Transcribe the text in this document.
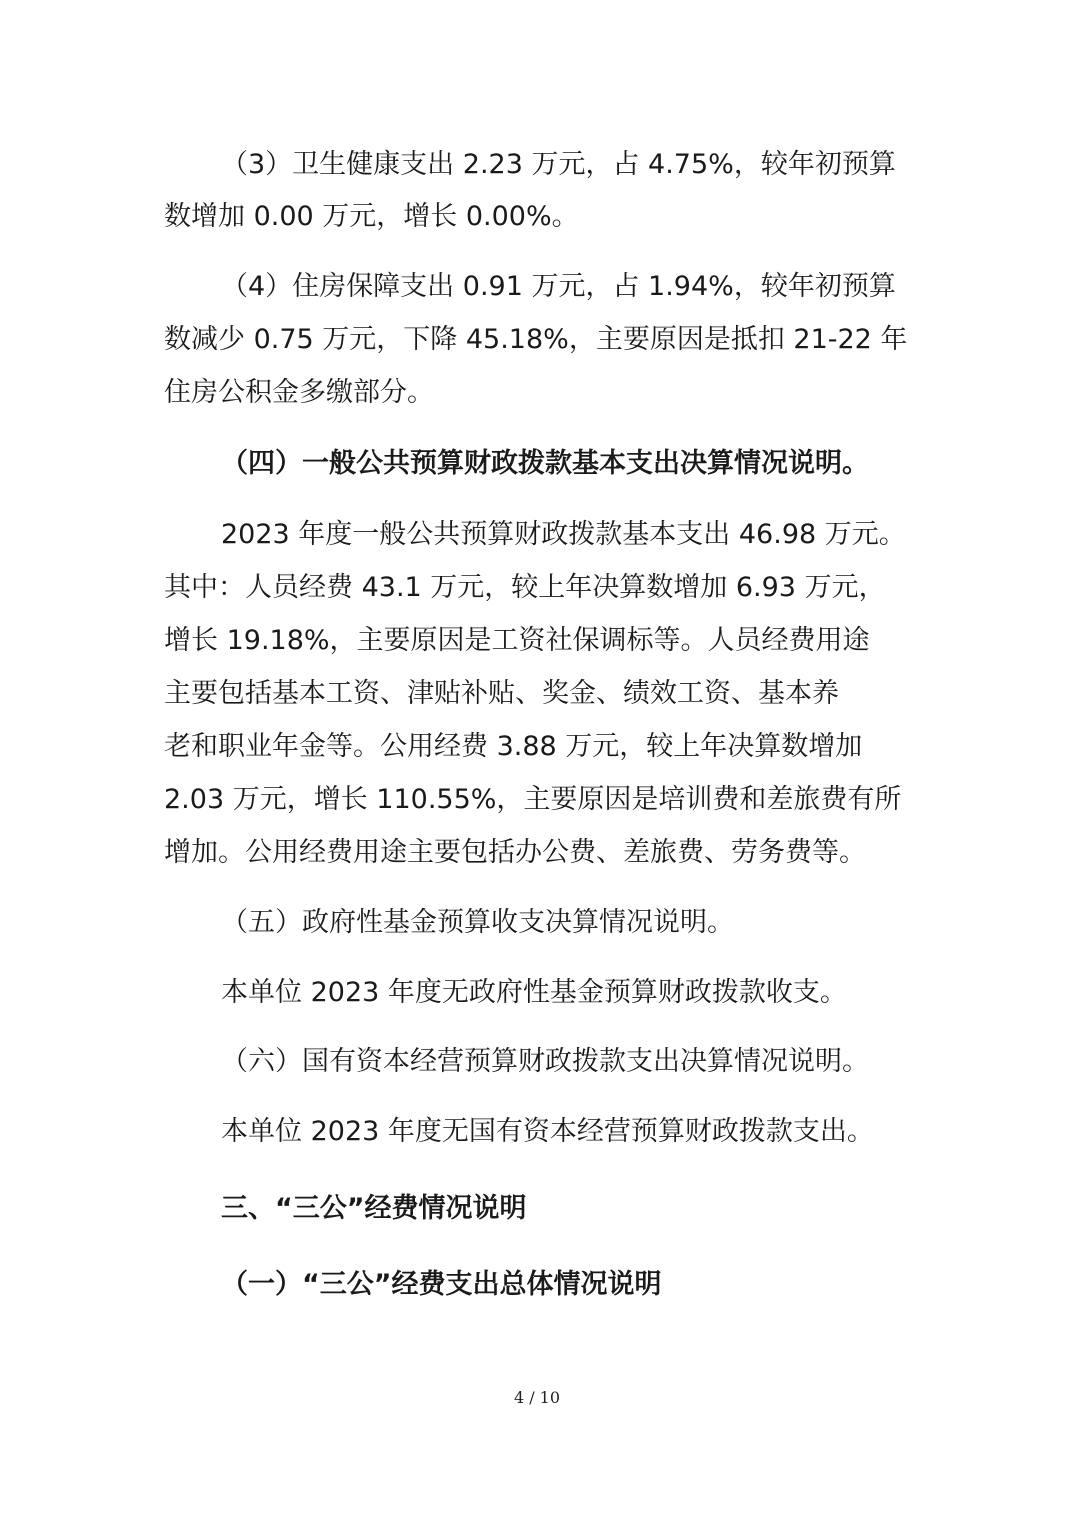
（3）卫生健康支出 2.23 万元，占 4.75%，较年初预算
数增加 0.00 万元，增长 0.00%。
（4）住房保障支出 0.91 万元，占 1.94%，较年初预算
数减少 0.75 万元，下降 45.18%，主要原因是抵扣 21-22 年
住房公积金多缴部分。
（四）一般公共预算财政拨款基本支出决算情况说明。
2023 年度一般公共预算财政拨款基本支出 46.98 万元。
其中：人员经费 43.1 万元，较上年决算数增加 6.93 万元，
增长 19.18%，主要原因是工资社保调标等。人员经费用途
主要包括基本工资、津贴补贴、奖金、绩效工资、基本养
老和职业年金等。公用经费 3.88 万元，较上年决算数增加
2.03 万元，增长 110.55%，主要原因是培训费和差旅费有所
增加。公用经费用途主要包括办公费、差旅费、劳务费等。
（五）政府性基金预算收支决算情况说明。
本单位 2023 年度无政府性基金预算财政拨款收支。
（六）国有资本经营预算财政拨款支出决算情况说明。
本单位 2023 年度无国有资本经营预算财政拨款支出。
三、“三公”经费情况说明
（一）“三公”经费支出总体情况说明
4 / 10
